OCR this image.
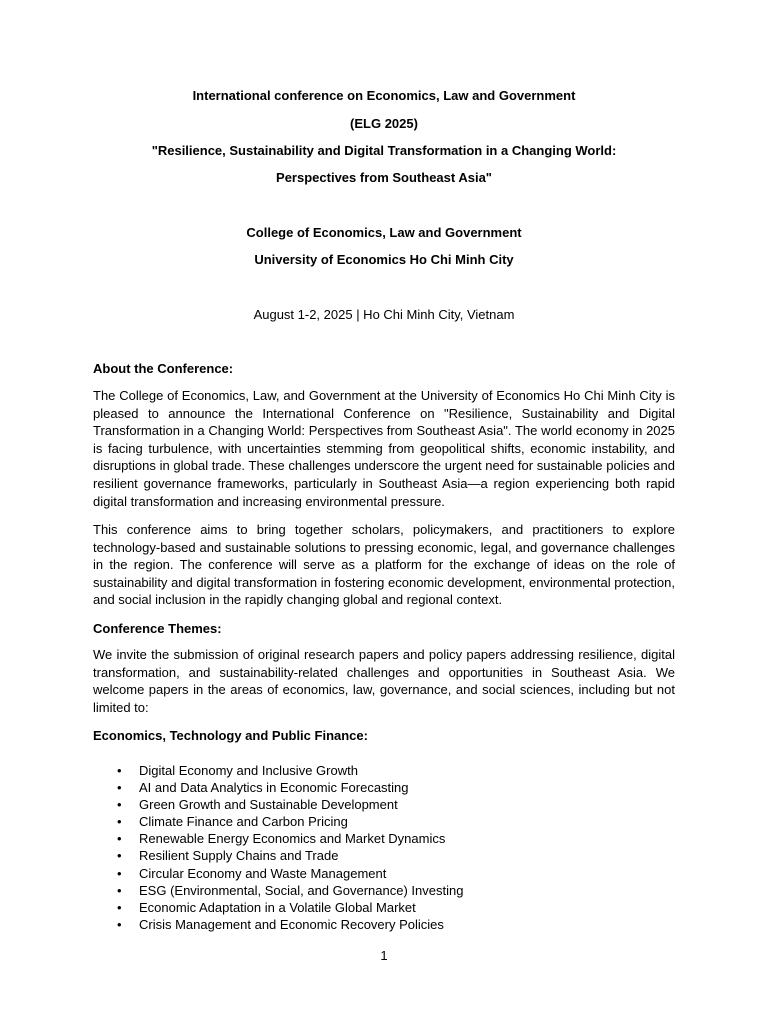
International conference on Economics, Law and Government
(ELG 2025)
"Resilience, Sustainability and Digital Transformation in a Changing World:
Perspectives from Southeast Asia"
College of Economics, Law and Government
University of Economics Ho Chi Minh City
August 1-2, 2025 | Ho Chi Minh City, Vietnam
About the Conference:
The College of Economics, Law, and Government at the University of Economics Ho Chi Minh City is pleased to announce the International Conference on "Resilience, Sustainability and Digital Transformation in a Changing World: Perspectives from Southeast Asia". The world economy in 2025 is facing turbulence, with uncertainties stemming from geopolitical shifts, economic instability, and disruptions in global trade. These challenges underscore the urgent need for sustainable policies and resilient governance frameworks, particularly in Southeast Asia—a region experiencing both rapid digital transformation and increasing environmental pressure.
This conference aims to bring together scholars, policymakers, and practitioners to explore technology-based and sustainable solutions to pressing economic, legal, and governance challenges in the region. The conference will serve as a platform for the exchange of ideas on the role of sustainability and digital transformation in fostering economic development, environmental protection, and social inclusion in the rapidly changing global and regional context.
Conference Themes:
We invite the submission of original research papers and policy papers addressing resilience, digital transformation, and sustainability-related challenges and opportunities in Southeast Asia. We welcome papers in the areas of economics, law, governance, and social sciences, including but not limited to:
Economics, Technology and Public Finance:
• Digital Economy and Inclusive Growth
• AI and Data Analytics in Economic Forecasting
• Green Growth and Sustainable Development
• Climate Finance and Carbon Pricing
• Renewable Energy Economics and Market Dynamics
• Resilient Supply Chains and Trade
• Circular Economy and Waste Management
• ESG (Environmental, Social, and Governance) Investing
• Economic Adaptation in a Volatile Global Market
• Crisis Management and Economic Recovery Policies
1
